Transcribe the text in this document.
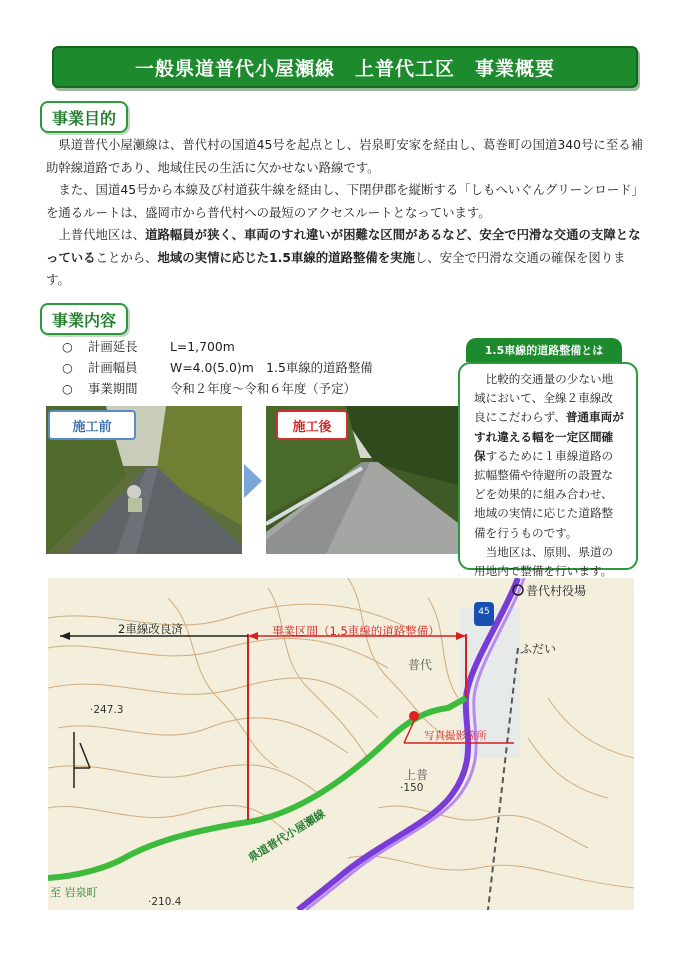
一般県道普代小屋瀬線　上普代工区　事業概要
事業目的

県道普代小屋瀬線は、普代村の国道45号を起点とし、岩泉町安家を経由し、葛巻町の国道340号に至る補助幹線道路であり、地域住民の生活に欠かせない路線です。

また、国道45号から本線及び村道荻牛線を経由し、下閉伊郡を縦断する「しもへいぐんグリーンロード」を通るルートは、盛岡市から普代村への最短のアクセスルートとなっています。

上普代地区は、道路幅員が狭く、車両のすれ違いが困難な区間があるなど、安全で円滑な交通の支障となっていることから、地域の実情に応じた1.5車線的道路整備を実施し、安全で円滑な交通の確保を図ります。

事業内容
○	計画延長	L=1,700m
○	計画幅員	W=4.0(5.0)m　1.5車線的道路整備
○	事業期間	令和２年度～令和６年度（予定）
施工前	施工後
1.5車線的道路整備とは

比較的交通量の少ない地域において、全線２車線改良にこだわらず、普通車両がすれ違える幅を一定区間確保するために１車線道路の拡幅整備や待避所の設置などを効果的に組み合わせ、地域の実情に応じた道路整備を行うものです。

当地区は、原則、県道の用地内で整備を行います。

2車線改良済	事業区間（1.5車線的道路整備）
写真撮影箇所
県道普代小屋瀬線
普代村役場
45
ふだい
普代
上普
·247.3
·150
·210.4
至 岩泉町
